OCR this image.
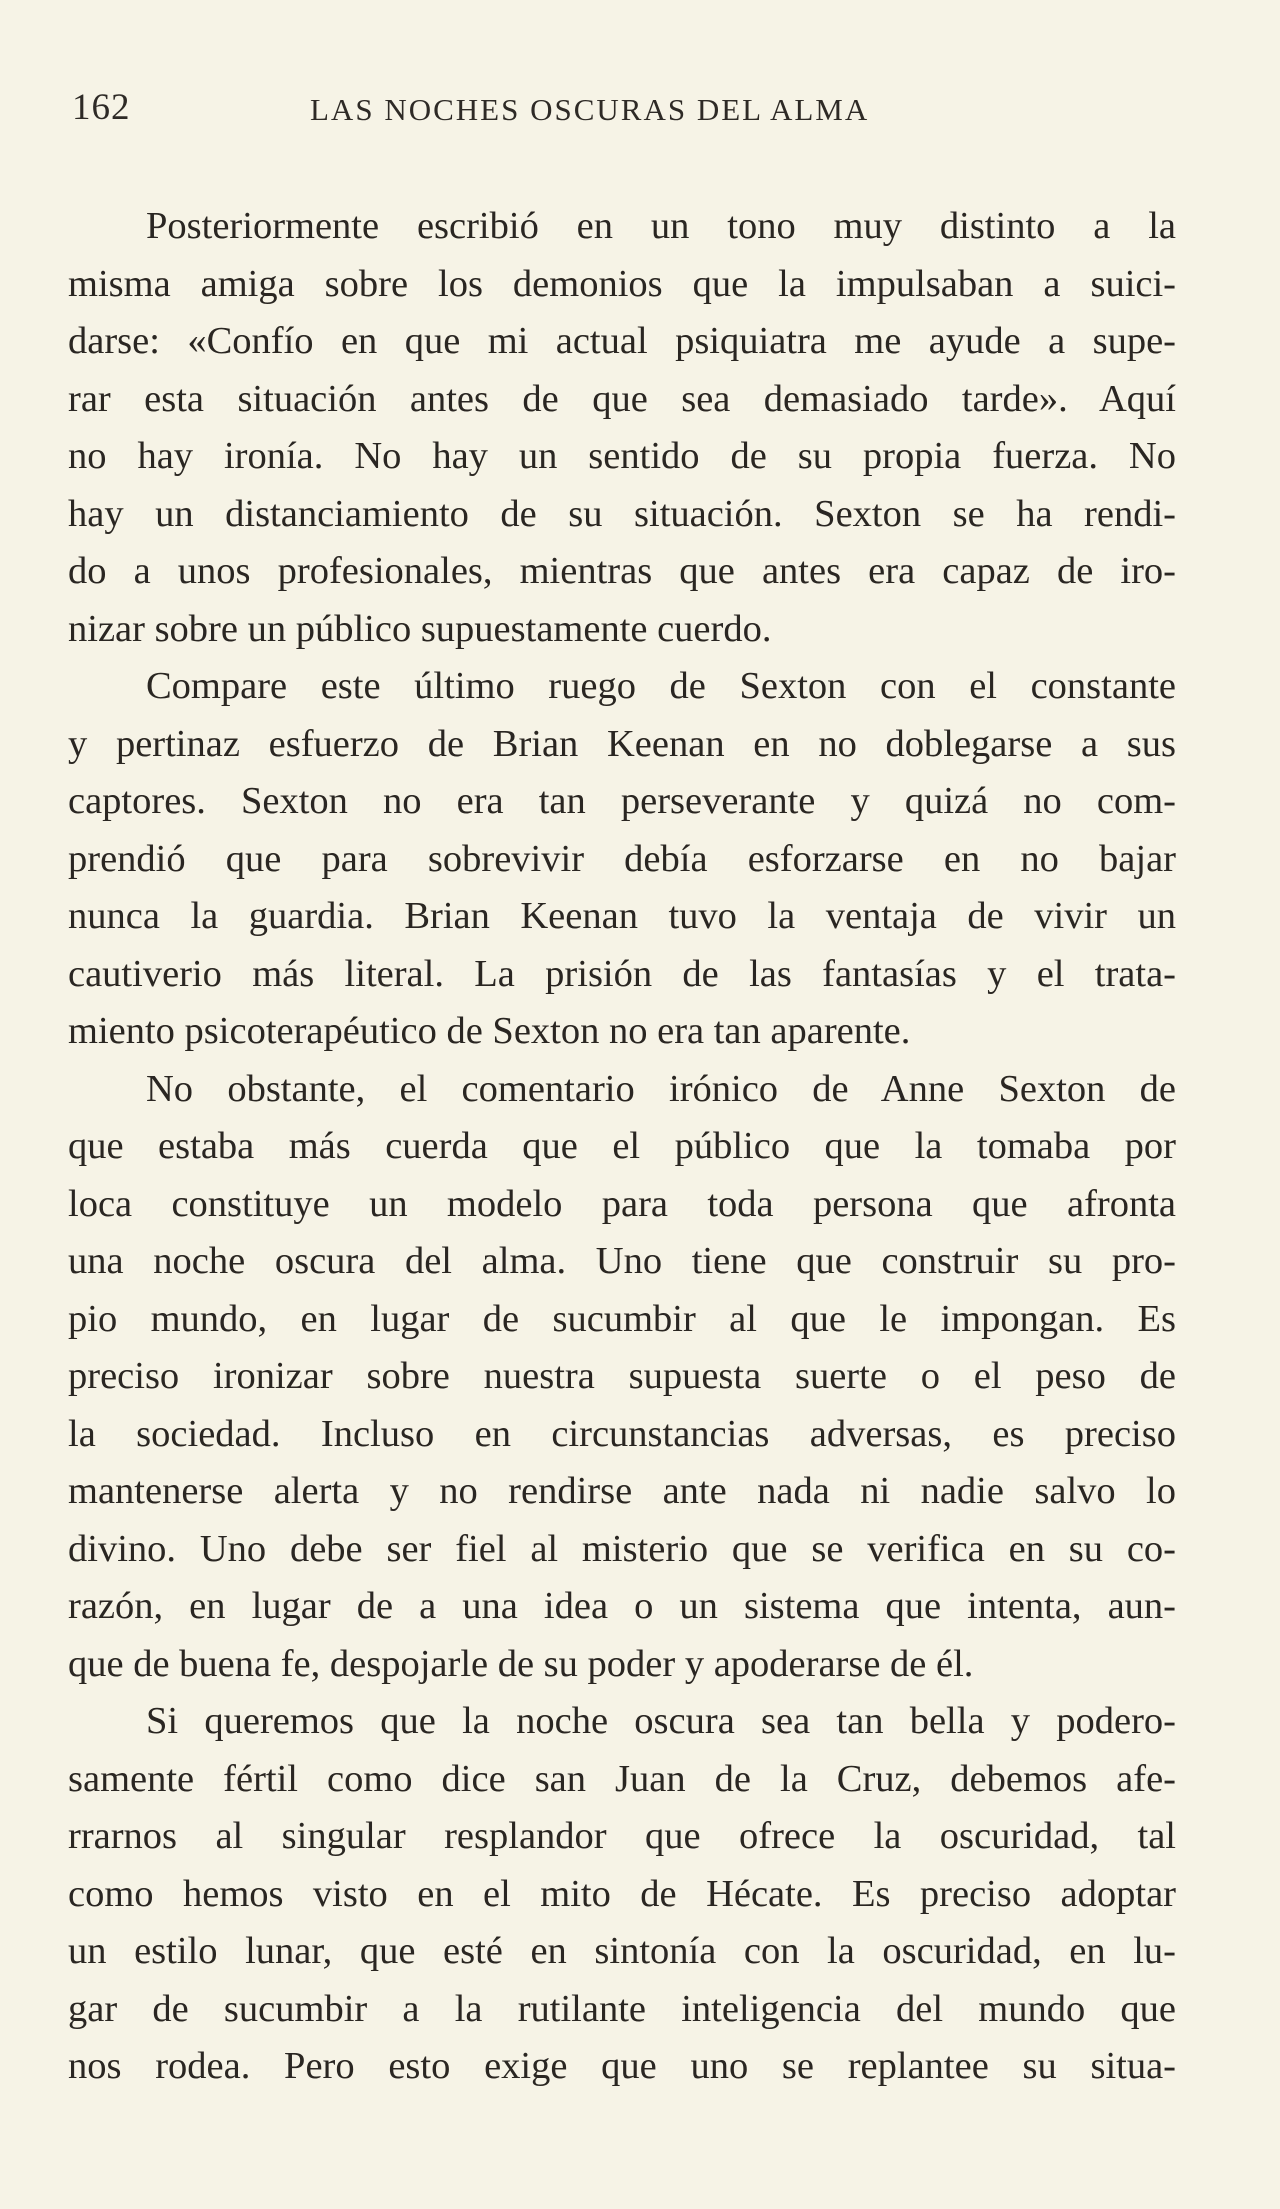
162	LAS NOCHES OSCURAS DEL ALMA
Posteriormente escribió en un tono muy distinto a la
misma amiga sobre los demonios que la impulsaban a suici-
darse: «Confío en que mi actual psiquiatra me ayude a supe-
rar esta situación antes de que sea demasiado tarde». Aquí
no hay ironía. No hay un sentido de su propia fuerza. No
hay un distanciamiento de su situación. Sexton se ha rendi-
do a unos profesionales, mientras que antes era capaz de iro-
nizar sobre un público supuestamente cuerdo.
Compare este último ruego de Sexton con el constante
y pertinaz esfuerzo de Brian Keenan en no doblegarse a sus
captores. Sexton no era tan perseverante y quizá no com-
prendió que para sobrevivir debía esforzarse en no bajar
nunca la guardia. Brian Keenan tuvo la ventaja de vivir un
cautiverio más literal. La prisión de las fantasías y el trata-
miento psicoterapéutico de Sexton no era tan aparente.
No obstante, el comentario irónico de Anne Sexton de
que estaba más cuerda que el público que la tomaba por
loca constituye un modelo para toda persona que afronta
una noche oscura del alma. Uno tiene que construir su pro-
pio mundo, en lugar de sucumbir al que le impongan. Es
preciso ironizar sobre nuestra supuesta suerte o el peso de
la sociedad. Incluso en circunstancias adversas, es preciso
mantenerse alerta y no rendirse ante nada ni nadie salvo lo
divino. Uno debe ser fiel al misterio que se verifica en su co-
razón, en lugar de a una idea o un sistema que intenta, aun-
que de buena fe, despojarle de su poder y apoderarse de él.
Si queremos que la noche oscura sea tan bella y podero-
samente fértil como dice san Juan de la Cruz, debemos afe-
rrarnos al singular resplandor que ofrece la oscuridad, tal
como hemos visto en el mito de Hécate. Es preciso adoptar
un estilo lunar, que esté en sintonía con la oscuridad, en lu-
gar de sucumbir a la rutilante inteligencia del mundo que
nos rodea. Pero esto exige que uno se replantee su situa-
